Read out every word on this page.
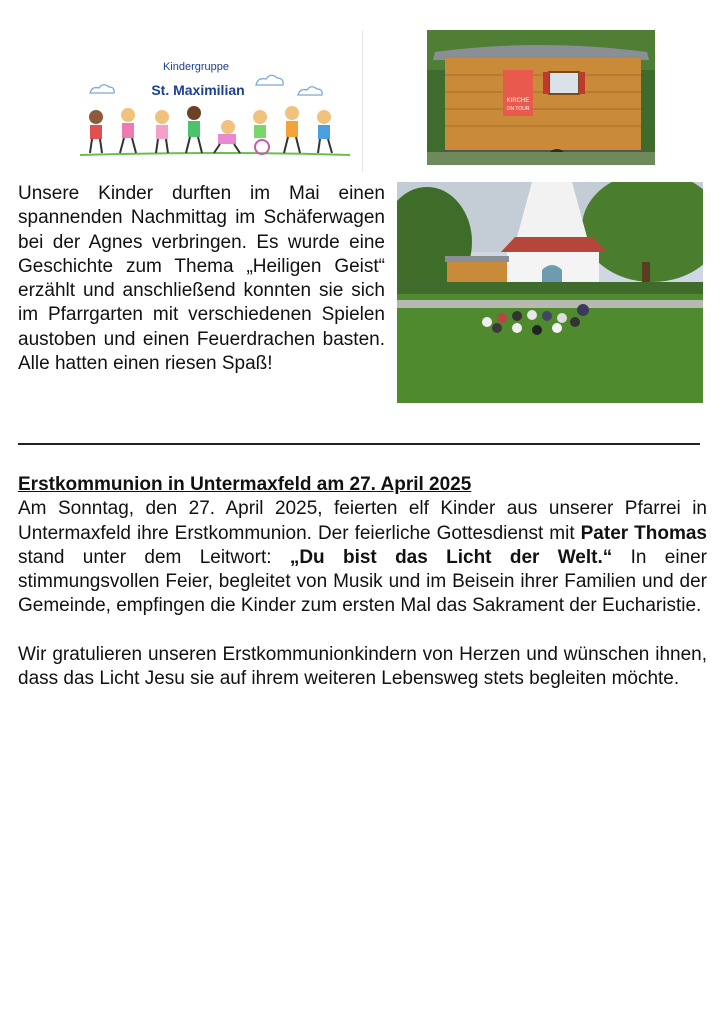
Kindergruppe
St. Maximilian
KIRCHE
ON TOUR
Unsere Kinder durften im Mai einen spannenden Nachmittag im Schäferwagen bei der Agnes verbringen. Es wurde eine Geschichte zum Thema „Heiligen Geist“ erzählt und anschließend konnten sie sich im Pfarrgarten mit verschiedenen Spielen austoben und einen Feuerdrachen basten. Alle hatten einen riesen Spaß!
Erstkommunion in Untermaxfeld am 27. April 2025

Am Sonntag, den 27. April 2025, feierten elf Kinder aus unserer Pfarrei in Untermaxfeld ihre Erstkommunion. Der feierliche Gottesdienst mit Pater Thomas stand unter dem Leitwort: „Du bist das Licht der Welt.“ In einer stimmungsvollen Feier, begleitet von Musik und im Beisein ihrer Familien und der Gemeinde, empfingen die Kinder zum ersten Mal das Sakrament der Eucharistie.

Wir gratulieren unseren Erstkommunionkindern von Herzen und wünschen ihnen, dass das Licht Jesu sie auf ihrem weiteren Lebensweg stets begleiten möchte.
